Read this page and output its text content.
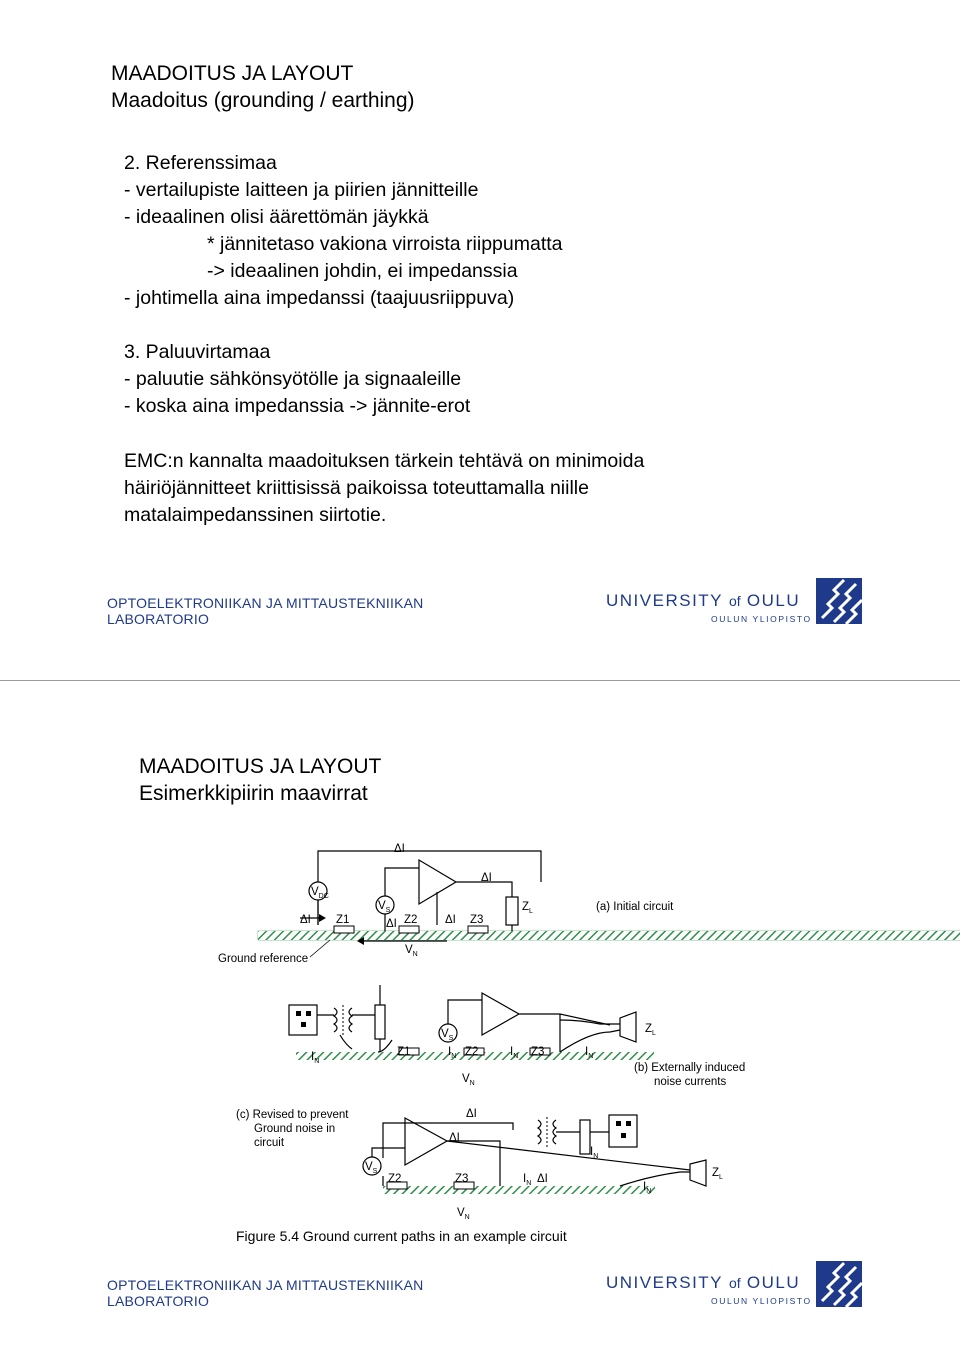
MAADOITUS JA LAYOUT
Maadoitus (grounding / earthing)
2. Referenssimaa
- vertailupiste laitteen ja piirien jännitteille
- ideaalinen olisi äärettömän jäykkä
* jännitetaso vakiona virroista riippumatta
-> ideaalinen johdin, ei impedanssia
- johtimella aina impedanssi (taajuusriippuva)
3. Paluuvirtamaa
- paluutie sähkönsyötölle ja signaaleille
- koska aina impedanssia -> jännite-erot
EMC:n kannalta maadoituksen tärkein tehtävä on minimoida
häiriöjännitteet kriittisissä paikoissa toteuttamalla niille
matalaimpedanssinen siirtotie.
OPTOELEKTRONIIKAN JA MITTAUSTEKNIIKAN
LABORATORIO
UNIVERSITY of OULU
OULUN YLIOPISTO
MAADOITUS JA LAYOUT
Esimerkkipiirin maavirrat
ΔI
ΔI
$V_{DC}$
$V_S$
ΔI Z1	ΔI Z2 ΔI Z3
$Z_L$	(a) Initial circuit
$V_N$
Ground reference
$V_S$
$I_N$
Z1	$I_N$ Z2	$I_N$ Z3	$I_N$
$Z_L$
$V_N$
(b) Externally induced
noise currents
(c) Revised to prevent
Ground noise in
circuit
ΔI
ΔI
$V_S$
Z2	Z3
$I_N$
$I_N$ ΔI
$I_N$
$Z_L$
$V_N$
Figure 5.4 Ground current paths in an example circuit
OPTOELEKTRONIIKAN JA MITTAUSTEKNIIKAN
LABORATORIO
UNIVERSITY of OULU
OULUN YLIOPISTO
